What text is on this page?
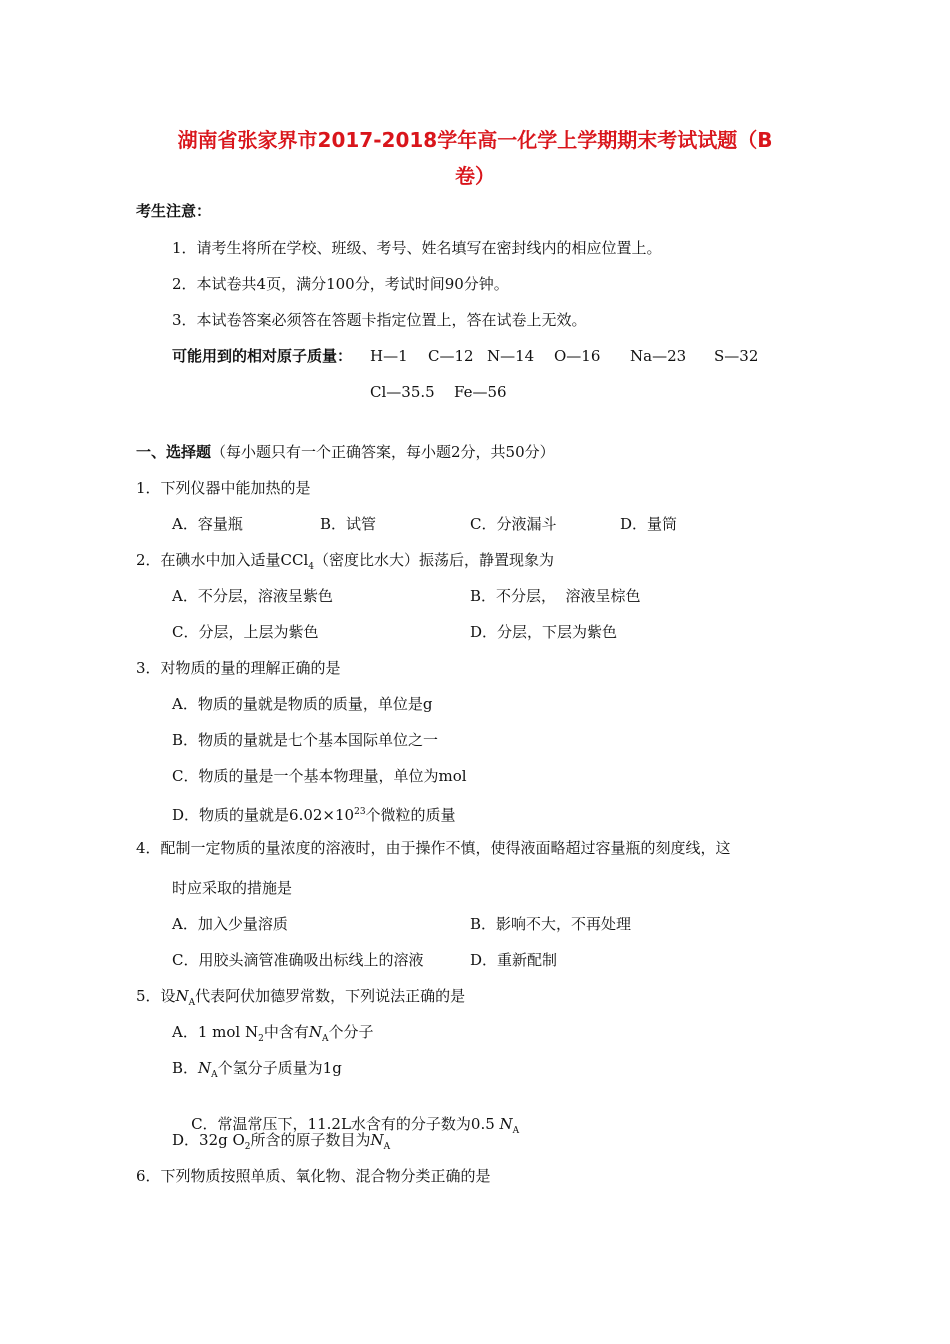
湖南省张家界市2017-2018学年高一化学上学期期末考试试题（B
卷）
考生注意：
1．请考生将所在学校、班级、考号、姓名填写在密封线内的相应位置上。
2．本试卷共4页，满分100分，考试时间90分钟。
3．本试卷答案必须答在答题卡指定位置上，答在试卷上无效。
可能用到的相对原子质量： H—1 C—12 N—14 O—16 Na—23 S—32
Cl—35.5 Fe—56
一、选择题（每小题只有一个正确答案，每小题2分，共50分）
1．下列仪器中能加热的是
A．容量瓶	B．试管	C．分液漏斗	D．量筒
2．在碘水中加入适量CCl$_4$（密度比水大）振荡后，静置现象为
A．不分层，溶液呈紫色	B．不分层，  溶液呈棕色
C．分层，上层为紫色	D．分层，下层为紫色
3．对物质的量的理解正确的是
A．物质的量就是物质的质量，单位是g
B．物质的量就是七个基本国际单位之一
C．物质的量是一个基本物理量，单位为mol
D．物质的量就是$6.02\times 10^{23}$个微粒的质量
4．配制一定物质的量浓度的溶液时，由于操作不慎，使得液面略超过容量瓶的刻度线，这
时应采取的措施是
A．加入少量溶质	B．影响不大，不再处理
C．用胶头滴管准确吸出标线上的溶液	D．重新配制
5．设$N_A$代表阿伏加德罗常数，下列说法正确的是
A．1 mol $N_2$中含有$N_A$个分子
B．$N_A$个氢分子质量为1g

C．常温常压下，11.2L水含有的分子数为0.5 $N_A$

D．32g $O_2$所含的原子数目为$N_A$
6．下列物质按照单质、氧化物、混合物分类正确的是
